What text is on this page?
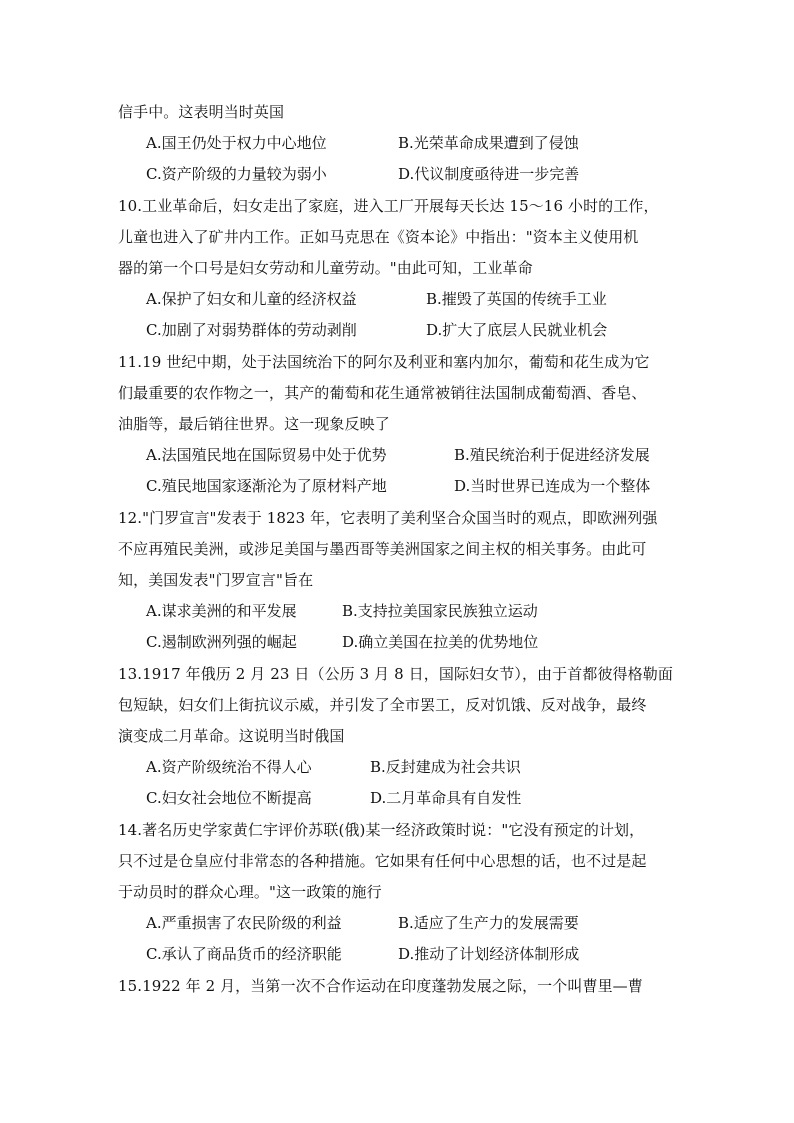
信手中。这表明当时英国
A.国王仍处于权力中心地位	B.光荣革命成果遭到了侵蚀
C.资产阶级的力量较为弱小	D.代议制度亟待进一步完善
10.工业革命后，妇女走出了家庭，进入工厂开展每天长达 15～16 小时的工作，
儿童也进入了矿井内工作。正如马克思在《资本论》中指出："资本主义使用机
器的第一个口号是妇女劳动和儿童劳动。"由此可知，工业革命
A.保护了妇女和儿童的经济权益	B.摧毁了英国的传统手工业
C.加剧了对弱势群体的劳动剥削	D.扩大了底层人民就业机会
11.19 世纪中期，处于法国统治下的阿尔及利亚和塞内加尔，葡萄和花生成为它
们最重要的农作物之一，其产的葡萄和花生通常被销往法国制成葡萄酒、香皂、
油脂等，最后销往世界。这一现象反映了
A.法国殖民地在国际贸易中处于优势	B.殖民统治利于促进经济发展
C.殖民地国家逐渐沦为了原材料产地	D.当时世界已连成为一个整体
12."门罗宣言"发表于 1823 年，它表明了美利坚合众国当时的观点，即欧洲列强
不应再殖民美洲，或涉足美国与墨西哥等美洲国家之间主权的相关事务。由此可
知，美国发表"门罗宣言"旨在
A.谋求美洲的和平发展	B.支持拉美国家民族独立运动
C.遏制欧洲列强的崛起	D.确立美国在拉美的优势地位
13.1917 年俄历 2 月 23 日（公历 3 月 8 日，国际妇女节），由于首都彼得格勒面
包短缺，妇女们上街抗议示威，并引发了全市罢工，反对饥饿、反对战争，最终
演变成二月革命。这说明当时俄国
A.资产阶级统治不得人心	B.反封建成为社会共识
C.妇女社会地位不断提高	D.二月革命具有自发性
14.著名历史学家黄仁宇评价苏联(俄)某一经济政策时说："它没有预定的计划，
只不过是仓皇应付非常态的各种措施。它如果有任何中心思想的话，也不过是起
于动员时的群众心理。"这一政策的施行
A.严重损害了农民阶级的利益	B.适应了生产力的发展需要
C.承认了商品货币的经济职能	D.推动了计划经济体制形成
15.1922 年 2 月，当第一次不合作运动在印度蓬勃发展之际，一个叫曹里—曹
